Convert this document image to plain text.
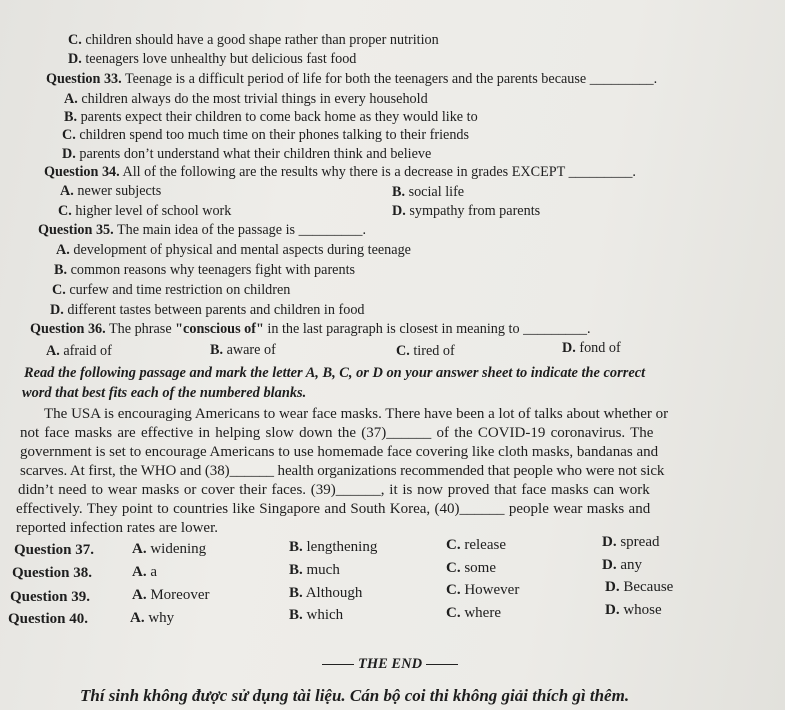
C. children should have a good shape rather than proper nutrition
D. teenagers love unhealthy but delicious fast food
Question 33. Teenage is a difficult period of life for both the teenagers and the parents because _________.
A. children always do the most trivial things in every household
B. parents expect their children to come back home as they would like to
C. children spend too much time on their phones talking to their friends
D. parents don’t understand what their children think and believe
Question 34. All of the following are the results why there is a decrease in grades EXCEPT _________.
A. newer subjects	B. social life
C. higher level of school work	D. sympathy from parents
Question 35. The main idea of the passage is _________.
A. development of physical and mental aspects during teenage
B. common reasons why teenagers fight with parents
C. curfew and time restriction on children
D. different tastes between parents and children in food
Question 36. The phrase "conscious of" in the last paragraph is closest in meaning to _________.
A. afraid of	B. aware of	C. tired of	D. fond of
Read the following passage and mark the letter A, B, C, or D on your answer sheet to indicate the correct
word that best fits each of the numbered blanks.
The USA is encouraging Americans to wear face masks. There have been a lot of talks about whether or
not face masks are effective in helping slow down the (37)______ of the COVID-19 coronavirus. The
government is set to encourage Americans to use homemade face covering like cloth masks, bandanas and
scarves. At first, the WHO and (38)______ health organizations recommended that people who were not sick
didn’t need to wear masks or cover their faces. (39)______, it is now proved that face masks can work
effectively. They point to countries like Singapore and South Korea, (40)______ people wear masks and
reported infection rates are lower.
Question 37.	A. widening	B. lengthening	C. release	D. spread
Question 38.	A. a	B. much	C. some	D. any
Question 39.	A. Moreover	B. Although	C. However	D. Because
Question 40.	A. why	B. which	C. where	D. whose
THE END
Thí sinh không được sử dụng tài liệu. Cán bộ coi thi không giải thích gì thêm.
